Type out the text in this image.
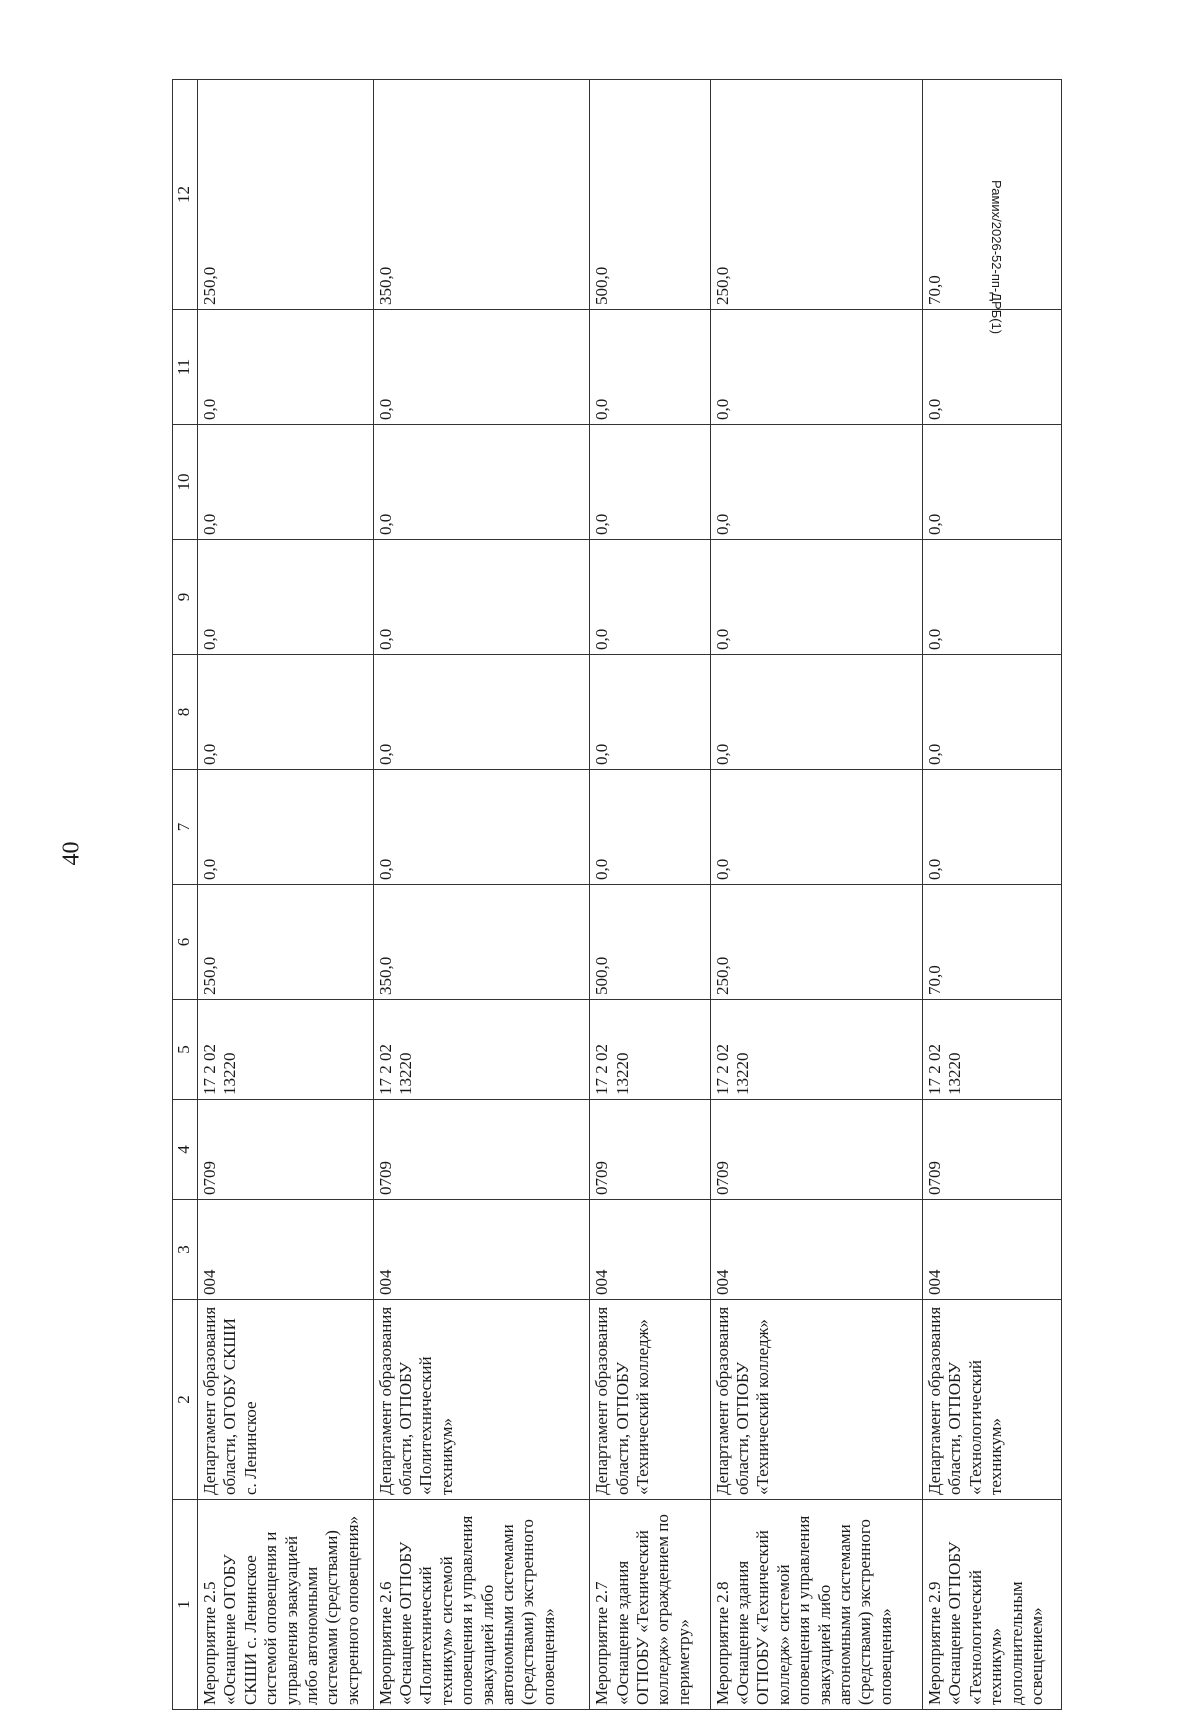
40
Рамих/2026-52-пп-ДРБ(1)
1	2	3	4	5	6	7	8	9	10	11	12
Мероприятие 2.5 «Оснащение ОГОБУ СКШИ с. Ленинское системой оповещения и управления эвакуацией либо автономными системами (средствами) экстренного оповещения»	Департамент образования области, ОГОБУ СКШИ с. Ленинское	004	0709	17 2 02 13220	250,0	0,0	0,0	0,0	0,0	0,0	250,0
Мероприятие 2.6 «Оснащение ОГПОБУ «Политехнический техникум» системой оповещения и управления эвакуацией либо автономными системами (средствами) экстренного оповещения»	Департамент образования области, ОГПОБУ «Политехнический техникум»	004	0709	17 2 02 13220	350,0	0,0	0,0	0,0	0,0	0,0	350,0
Мероприятие 2.7 «Оснащение здания ОГПОБУ «Технический колледж» ограждением по периметру»	Департамент образования области, ОГПОБУ «Технический колледж»	004	0709	17 2 02 13220	500,0	0,0	0,0	0,0	0,0	0,0	500,0
Мероприятие 2.8 «Оснащение здания ОГПОБУ «Технический колледж» системой оповещения и управления эвакуацией либо автономными системами (средствами) экстренного оповещения»	Департамент образования области, ОГПОБУ «Технический колледж»	004	0709	17 2 02 13220	250,0	0,0	0,0	0,0	0,0	0,0	250,0
Мероприятие 2.9 «Оснащение ОГПОБУ «Технологический техникум» дополнительным освещением»	Департамент образования области, ОГПОБУ «Технологический техникум»	004	0709	17 2 02 13220	70,0	0,0	0,0	0,0	0,0	0,0	70,0
